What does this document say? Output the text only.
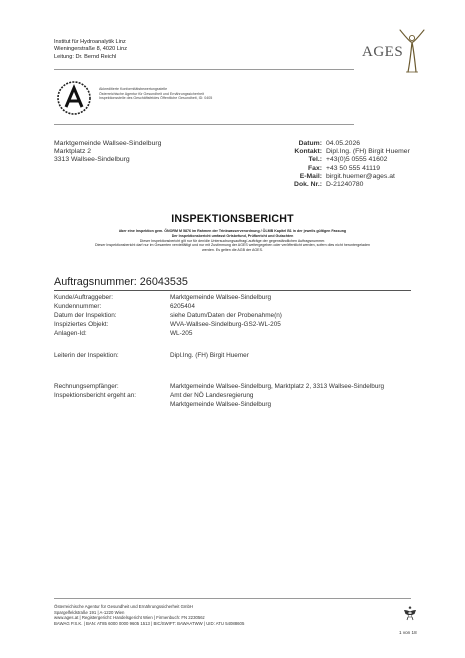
Institut für Hydroanalytik Linz
Wieningerstraße 8, 4020 Linz
Leitung: Dr. Bernd Reichl	AGES
Akkreditierte Konformitätsbewertungsstelle
Österreichische Agentur für Gesundheit und Ernährungssicherheit
Inspektionsstelle des Geschäftsfeldes Öffentliche Gesundheit, ID: 0405
Marktgemeinde Wallsee-Sindelburg
Marktplatz 2
3313 Wallsee-Sindelburg
Datum: 04.05.2026
Kontakt: Dipl.Ing. (FH) Birgit Huemer
Tel.: +43(0)5 0555 41602
Fax: +43 50 555 41119
E-Mail: birgit.huemer@ages.at
Dok. Nr.: D-21240780
INSPEKTIONSBERICHT
über eine Inspektion gem. ÖNORM M 5876 im Rahmen der Trinkwasserverordnung / ÖLMB Kapitel B1 in der jeweils gültigen Fassung
Der Inspektionsbericht umfasst Ortsbefund, Prüfbericht und Gutachten
Dieser Inspektionsbericht gilt nur für den/die Untersuchungsauftrag/-aufträge der gegenständlichen Auftragsnummer.
Dieser Inspektionsbericht darf nur im Gesamten vervielfältigt und nur mit Zustimmung der AGES weitergegeben oder veröffentlicht werden, sofern dies nicht heruntergeladen
werden. Es gelten die AGB der AGES.
Auftragsnummer: 26043535
Kunde/Auftraggeber:	Marktgemeinde Wallsee-Sindelburg
Kundennummer:	6205404
Datum der Inspektion:	siehe Datum/Daten der Probenahme(n)
Inspiziertes Objekt:	WVA-Wallsee-Sindelburg-GS2-WL-205
Anlagen-Id:	WL-205
Leiterin der Inspektion:	Dipl.Ing. (FH) Birgit Huemer
Rechnungsempfänger:	Marktgemeinde Wallsee-Sindelburg, Marktplatz 2, 3313 Wallsee-Sindelburg
Inspektionsbericht ergeht an:	Amt der NÖ Landesregierung
Marktgemeinde Wallsee-Sindelburg
Österreichische Agentur für Gesundheit und Ernährungssicherheit GmbH
Spargelfeldstraße 191 | A-1220 Wien
www.ages.at | Registergericht: Handelsgericht Wien | Firmenbuch: FN 223056z
BAWAG P.S.K. | BAN: AT85 6000 0000 9605 1513 | BIC/SWIFT: BAWAATWW | UID: ATU 54088605
1 von 18
